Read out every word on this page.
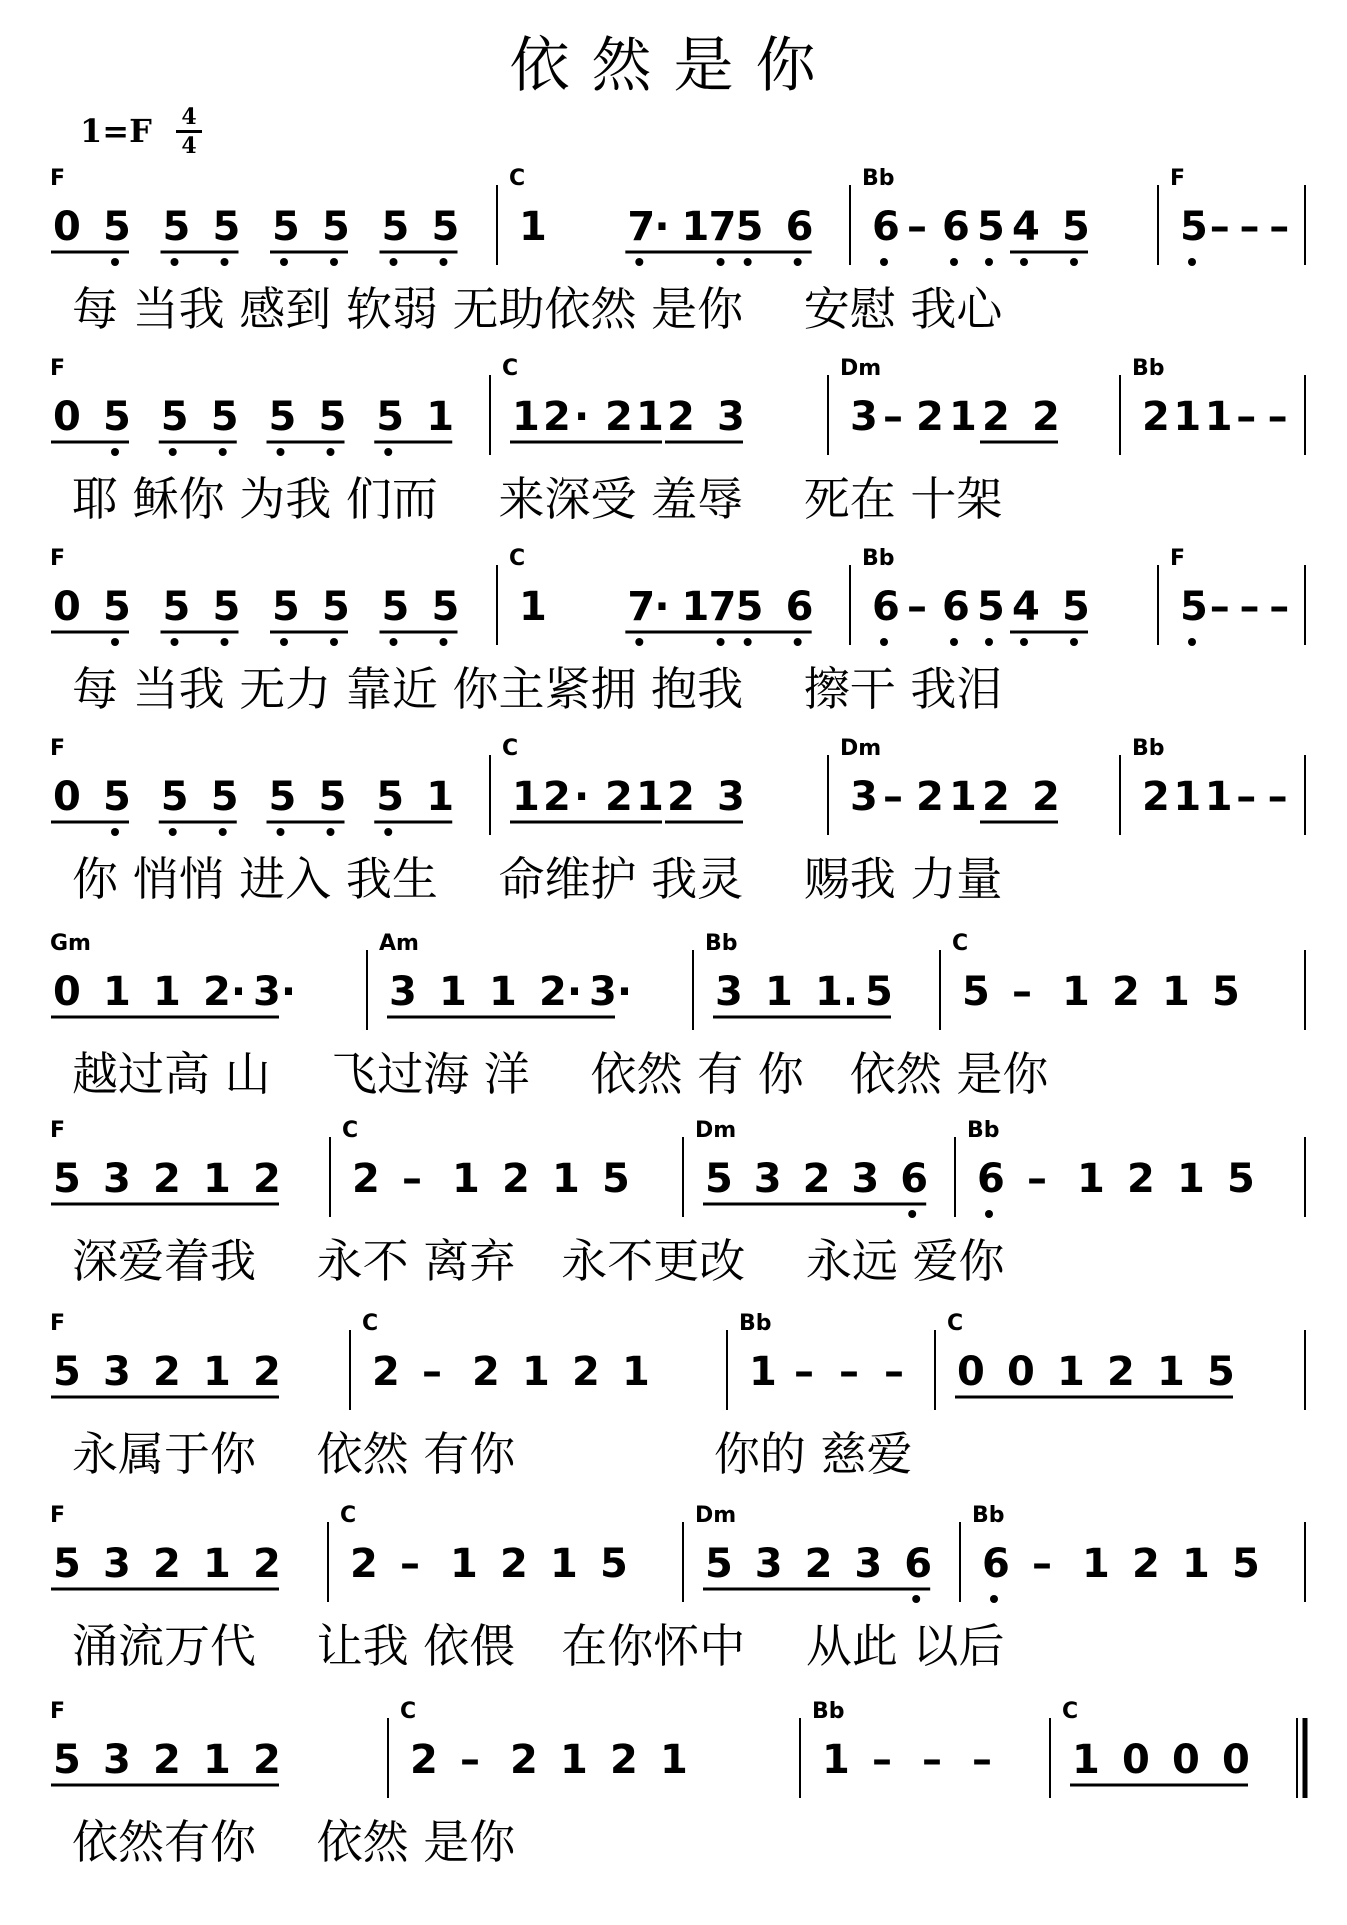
依然是你
1=F 4
4
F	C	Bb	F
0 5 5 5 5 5 5 5 1 7 · 1 7 5 6 6 – 6 5 4 5 5 – – –
每 当我 感到 软弱 无助依然 是你　 安慰 我心
F	C	Dm	Bb
0 5 5 5 5 5 5 1 1 2 · 2 1 2 3	3 – 2 1 2 2 2 1 1 – –
耶 稣你 为我 们而　 来深受 羞辱　 死在 十架
F	C	Bb	F
0 5 5 5 5 5 5 5 1 7 · 1 7 5 6 6 – 6 5 4 5 5 – – –
每 当我 无力 靠近 你主紧拥 抱我　 擦干 我泪
F	C	Dm	Bb
0 5 5 5 5 5 5 1 1 2 · 2 1 2 3	3 – 2 1 2 2 2 1 1 – –
你 悄悄 进入 我生　 命维护 我灵　 赐我 力量
Gm	Am	Bb	C
0 1 1 2· 3· 3 1 1 2· 3· 3 1 1. 5 5 – 1 2 1 5
越过高 山　 飞过海 洋　 依然 有 你　依然 是你
F	C	Dm	Bb
5 3 2 1 2 2 – 1 2 1 5 5 3 2 3 6 6 – 1 2 1 5
深爱着我　 永不 离弃　永不更改　 永远 爱你
F	C	Bb	C
5 3 2 1 2 2 – 2 1 2 1 1 – – – 0 0 1 2 1 5
永属于你　 依然 有你　　　　 你的 慈爱
F	C	Dm	Bb
5 3 2 1 2 2 – 1 2 1 5 5 3 2 3 6 6 – 1 2 1 5
涌流万代　 让我 依偎　在你怀中　 从此 以后
F	C	Bb	C
5 3 2 1 2	2 – 2 1 2 1	1 – – – 1 0 0 0
依然有你　 依然 是你
